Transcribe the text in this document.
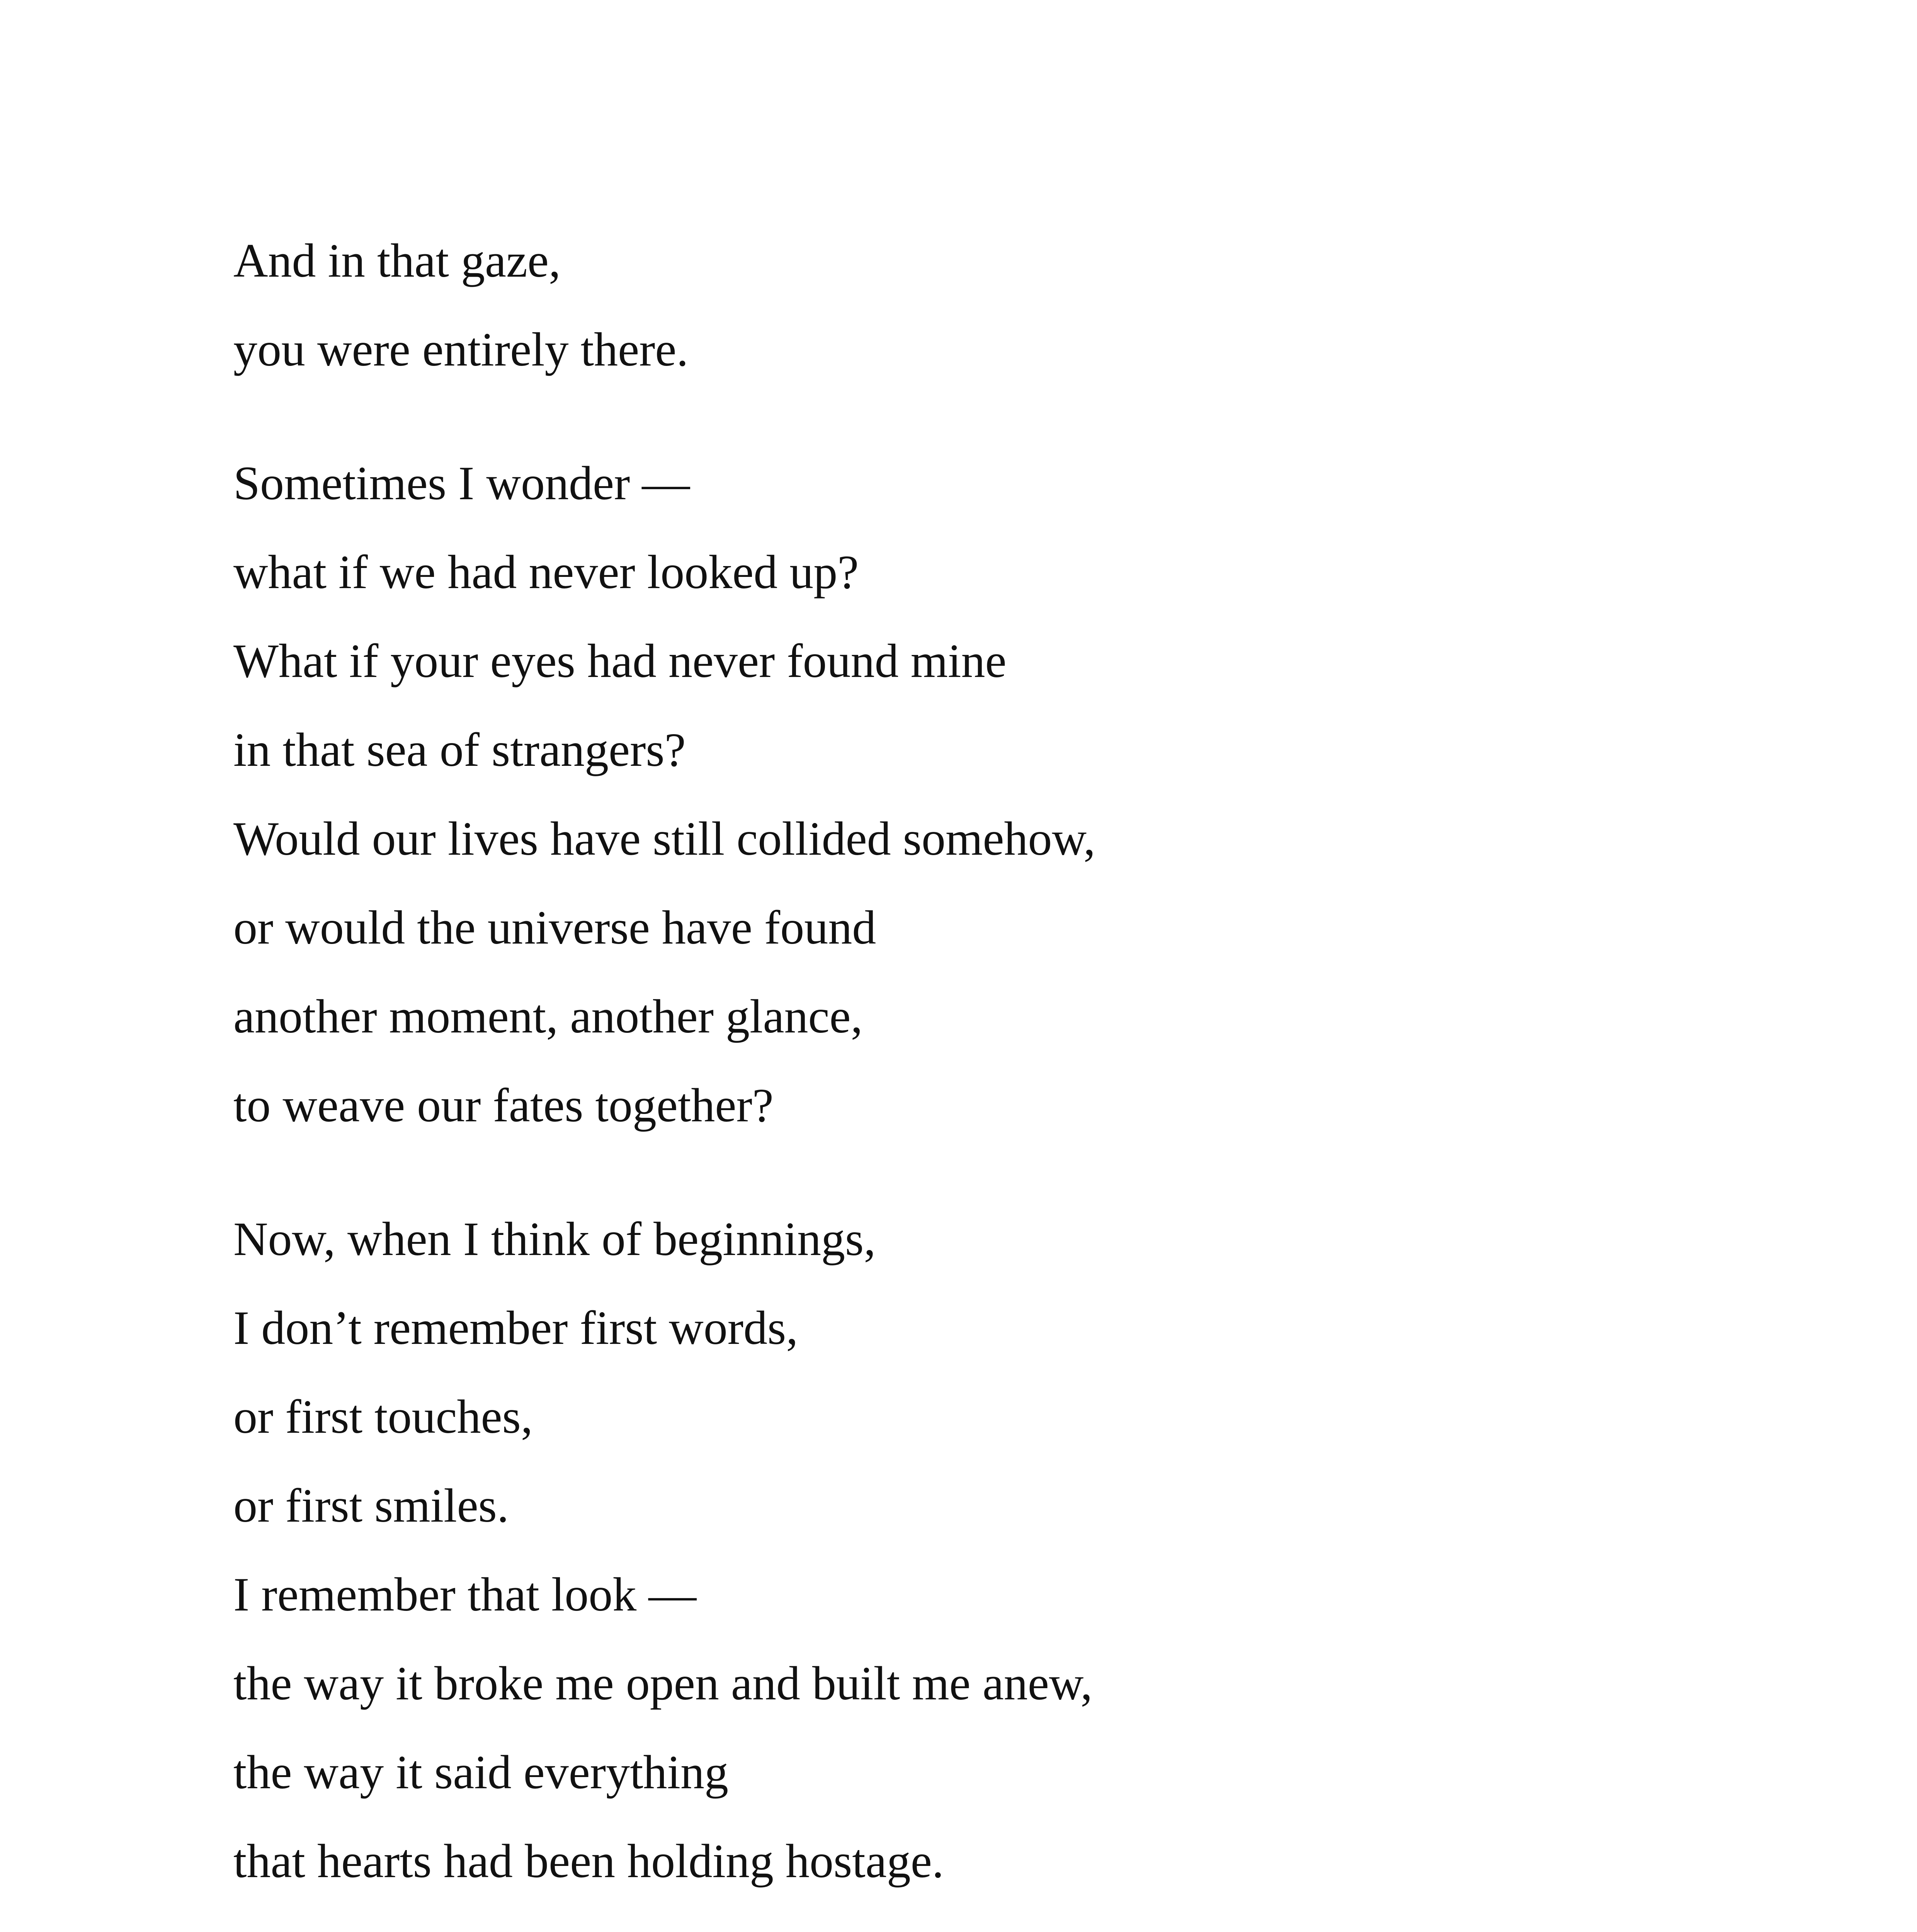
And in that gaze,
you were entirely there.
Sometimes I wonder —
what if we had never looked up?
What if your eyes had never found mine
in that sea of strangers?
Would our lives have still collided somehow,
or would the universe have found
another moment, another glance,
to weave our fates together?
Now, when I think of beginnings,
I don’t remember first words,
or first touches,
or first smiles.
I remember that look —
the way it broke me open and built me anew,
the way it said everything
that hearts had been holding hostage.
